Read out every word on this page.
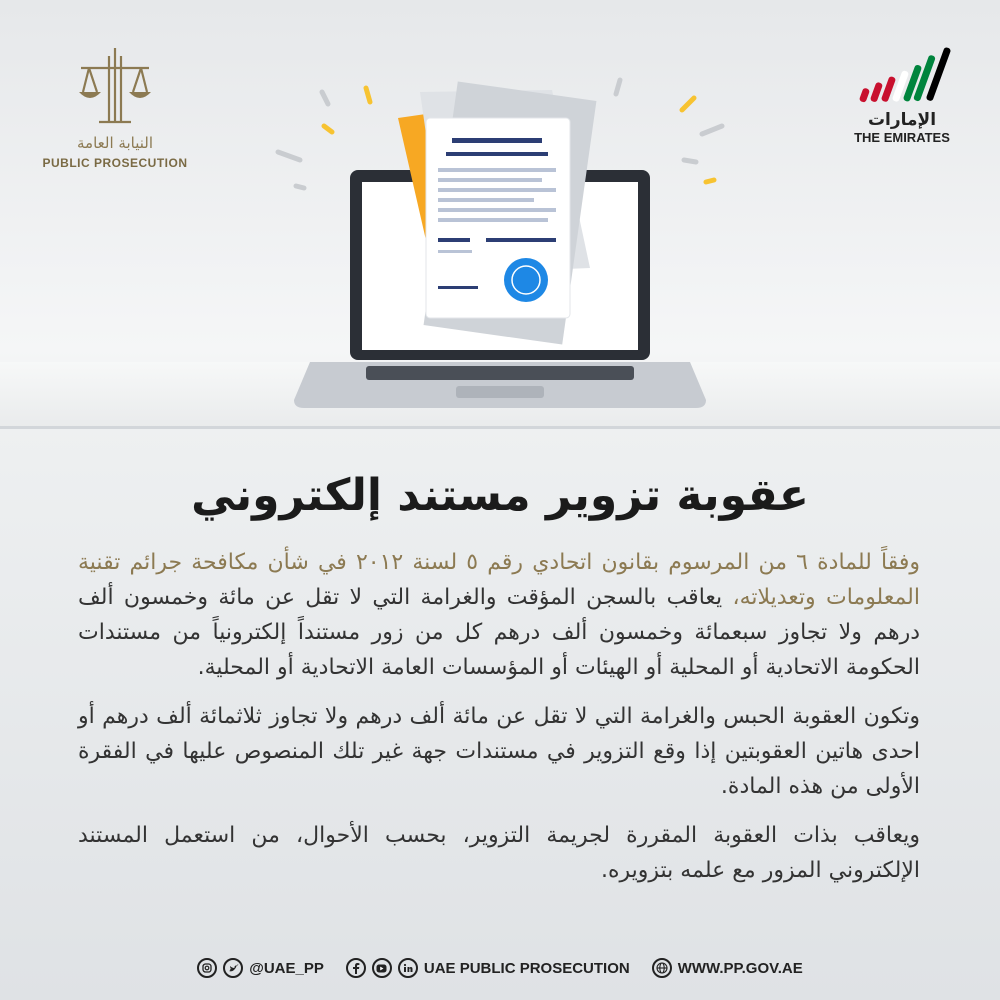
النيابة العامة
PUBLIC PROSECUTION
الإمارات
THE EMIRATES
عقوبة تزوير مستند إلكتروني

وفقاً للمادة ٦ من المرسوم بقانون اتحادي رقم ٥ لسنة ٢٠١٢ في شأن مكافحة جرائم تقنية المعلومات وتعديلاته، يعاقب بالسجن المؤقت والغرامة التي لا تقل عن مائة وخمسون ألف درهم ولا تجاوز سبعمائة وخمسون ألف درهم كل من زور مستنداً إلكترونياً من مستندات الحكومة الاتحادية أو المحلية أو الهيئات أو المؤسسات العامة الاتحادية أو المحلية.

وتكون العقوبة الحبس والغرامة التي لا تقل عن مائة ألف درهم ولا تجاوز ثلاثمائة ألف درهم أو احدى هاتين العقوبتين إذا وقع التزوير في مستندات جهة غير تلك المنصوص عليها في الفقرة الأولى من هذه المادة.

ويعاقب بذات العقوبة المقررة لجريمة التزوير، بحسب الأحوال، من استعمل المستند الإلكتروني المزور مع علمه بتزويره.

@UAE_PP	UAE PUBLIC PROSECUTION	WWW.PP.GOV.AE
